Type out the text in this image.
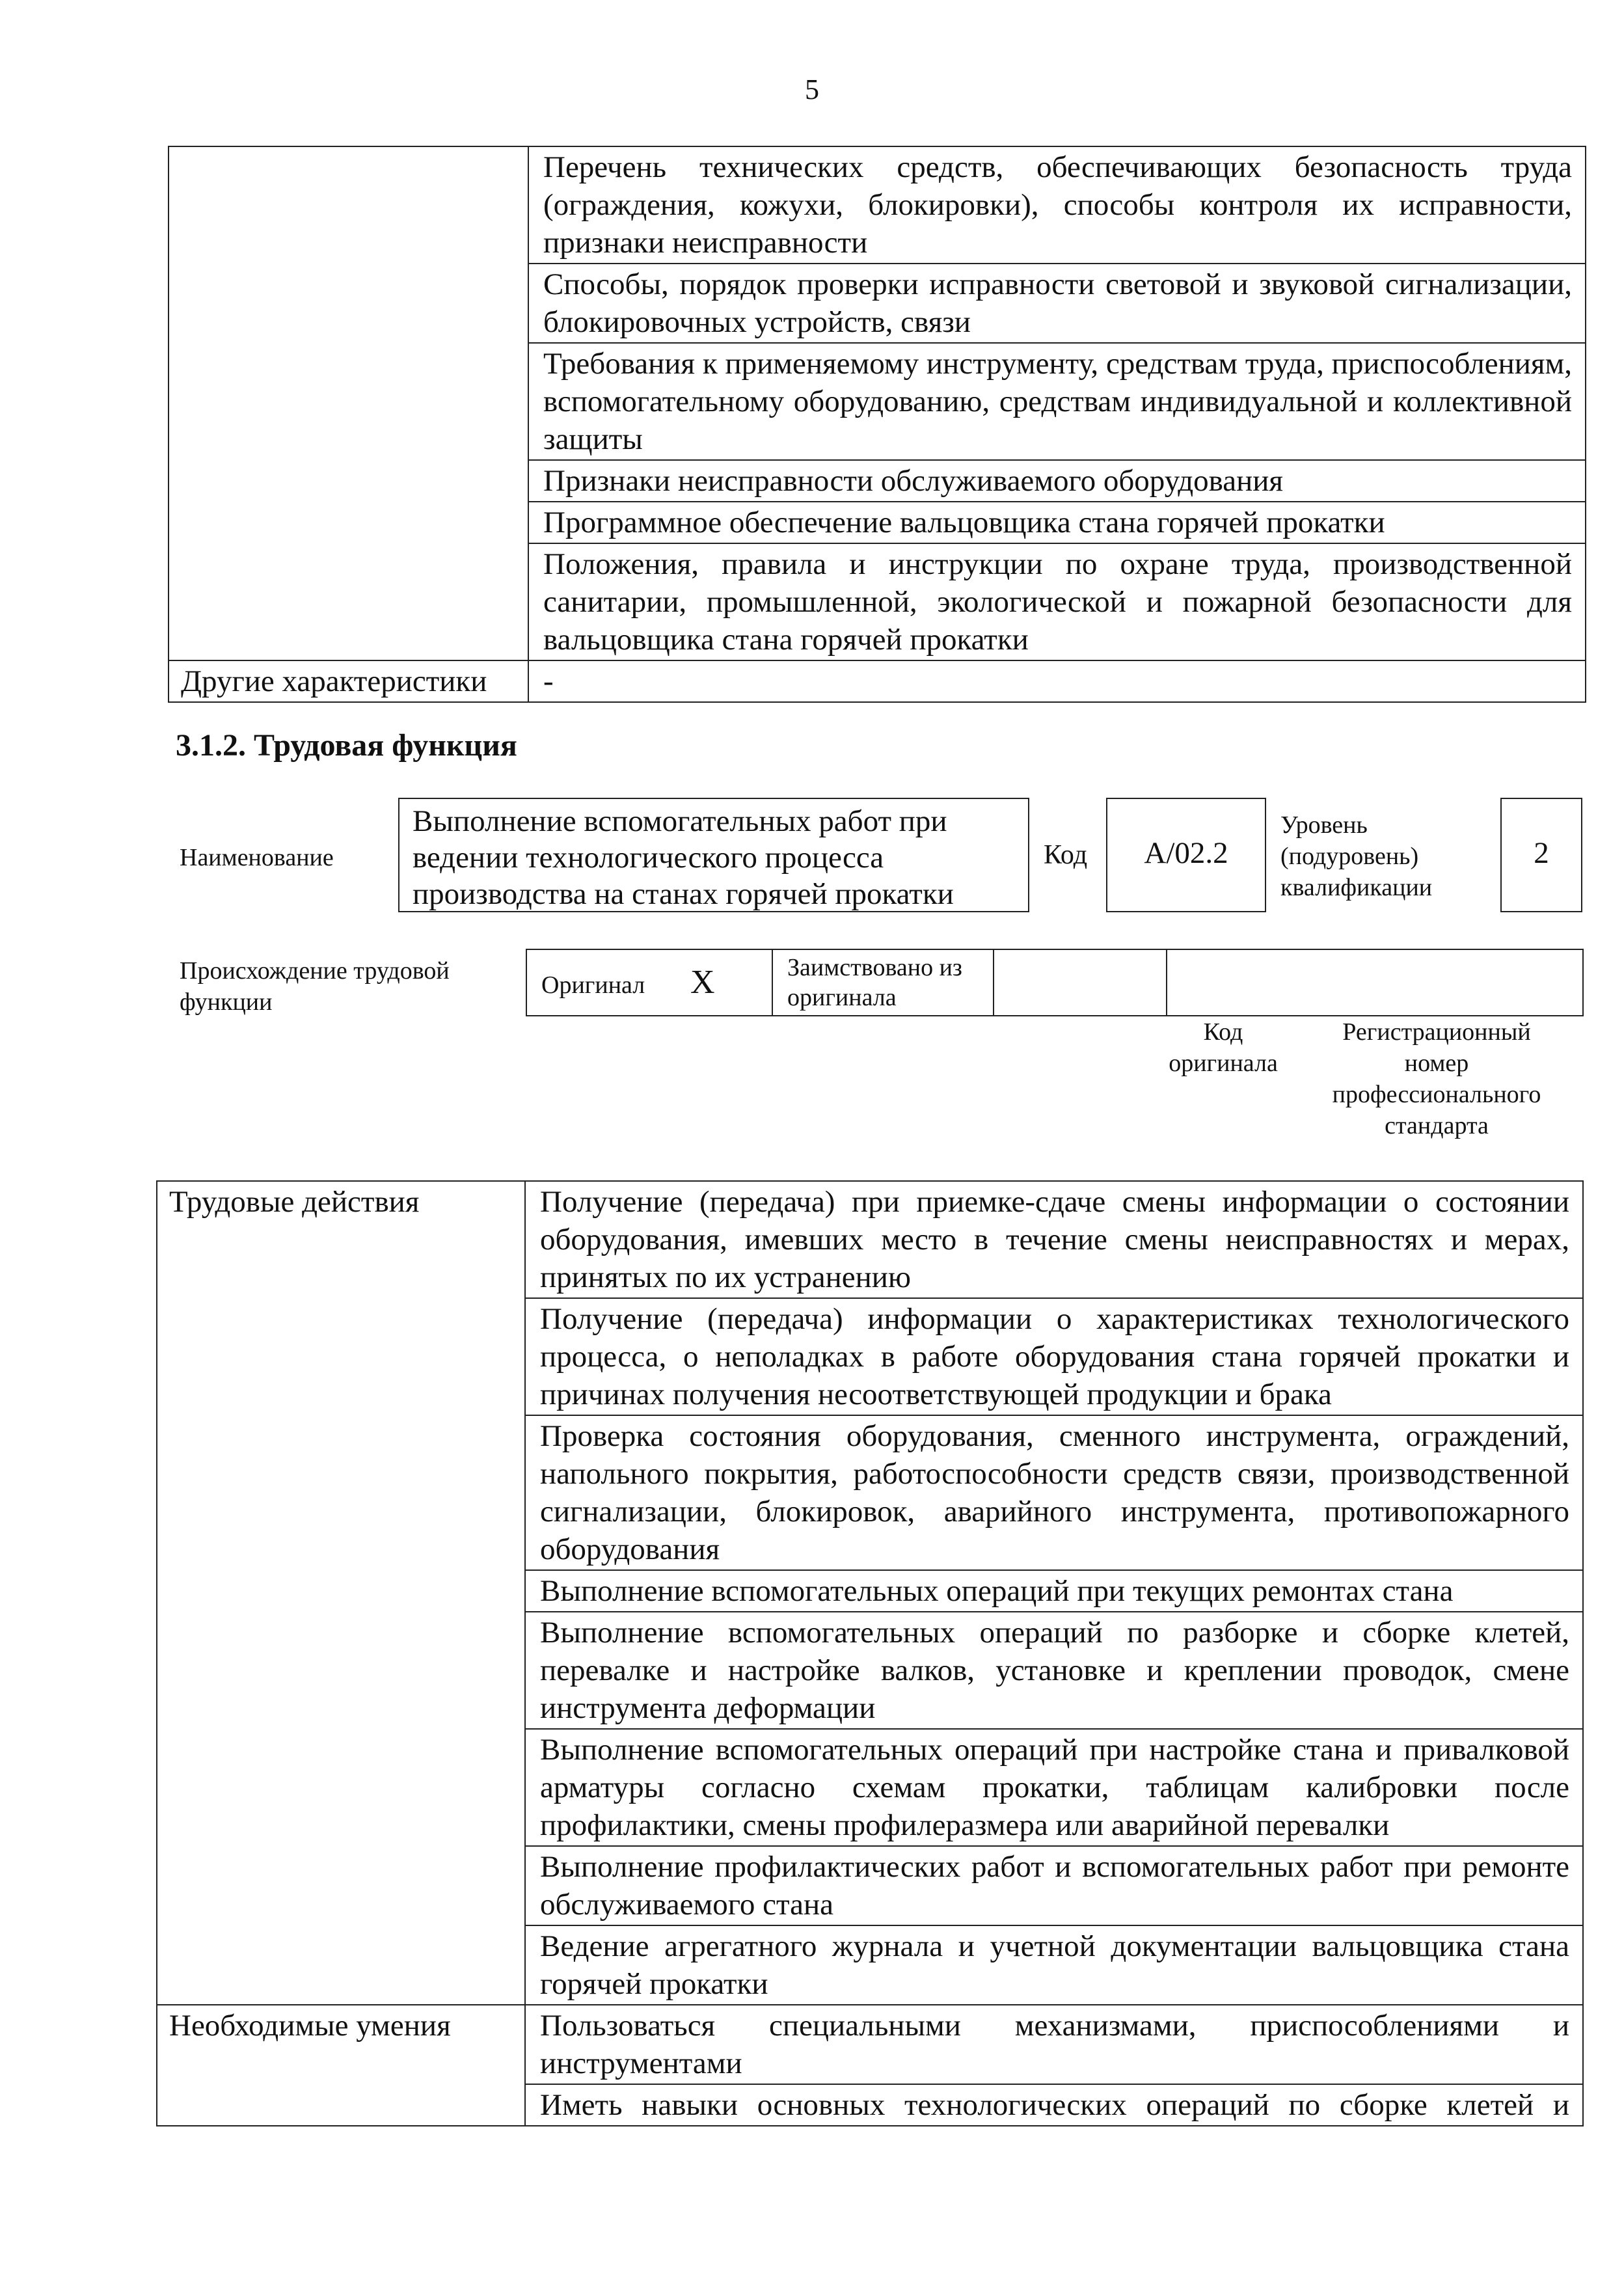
5
	Перечень технических средств, обеспечивающих безопасность труда (ограждения, кожухи, блокировки), способы контроля их исправности, признаки неисправности
	Способы, порядок проверки исправности световой и звуковой сигнализации, блокировочных устройств, связи
	Требования к применяемому инструменту, средствам труда, приспособлениям, вспомогательному оборудованию, средствам индивидуальной и коллективной защиты
	Признаки неисправности обслуживаемого оборудования
	Программное обеспечение вальцовщика стана горячей прокатки
	Положения, правила и инструкции по охране труда, производственной санитарии, промышленной, экологической и пожарной безопасности для вальцовщика стана горячей прокатки
Другие характеристики	-
3.1.2. Трудовая функция
Наименование
Выполнение вспомогательных работ при ведении технологического процесса производства на станах горячей прокатки
Код	А/02.2
Уровень
(подуровень)
квалификации
2
Происхождение трудовой функции
Оригинал X	Заимствовано из оригинала		
Код оригинала
Регистрационный номер профессионального стандарта
Трудовые действия	Получение (передача) при приемке-сдаче смены информации о состоянии оборудования, имевших место в течение смены неисправностях и мерах, принятых по их устранению
	Получение (передача) информации о характеристиках технологического процесса, о неполадках в работе оборудования стана горячей прокатки и причинах получения несоответствующей продукции и брака
	Проверка состояния оборудования, сменного инструмента, ограждений, напольного покрытия, работоспособности средств связи, производственной сигнализации, блокировок, аварийного инструмента, противопожарного оборудования
	Выполнение вспомогательных операций при текущих ремонтах стана
	Выполнение вспомогательных операций по разборке и сборке клетей, перевалке и настройке валков, установке и креплении проводок, смене инструмента деформации
	Выполнение вспомогательных операций при настройке стана и привалковой арматуры согласно схемам прокатки, таблицам калибровки после профилактики, смены профилеразмера или аварийной перевалки
	Выполнение профилактических работ и вспомогательных работ при ремонте обслуживаемого стана
	Ведение агрегатного журнала и учетной документации вальцовщика стана горячей прокатки
Необходимые умения	Пользоваться специальными механизмами, приспособлениями и инструментами
	Иметь навыки основных технологических операций по сборке клетей и
